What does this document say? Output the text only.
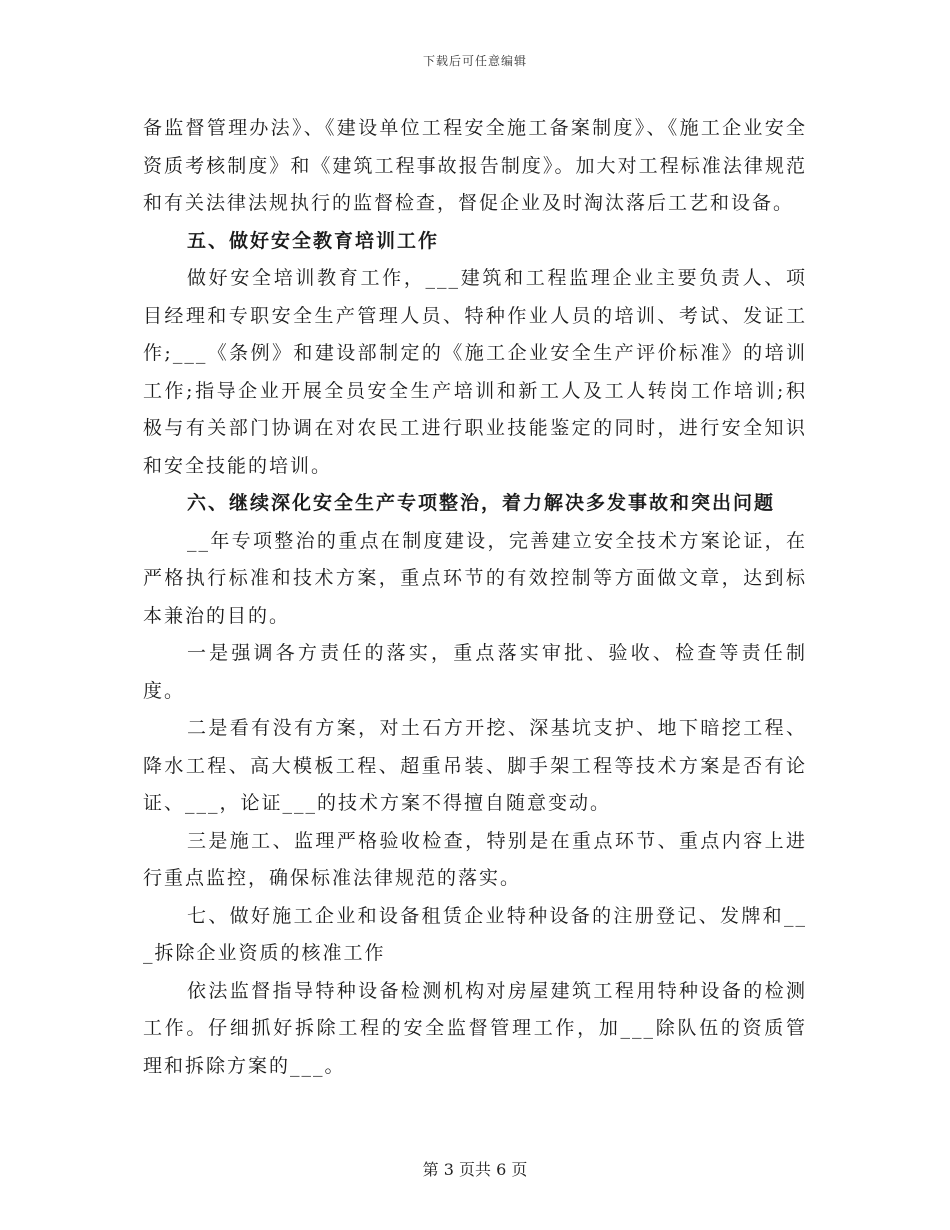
下载后可任意编辑

备监督管理办法》、《建设单位工程安全施工备案制度》、《施工企业安全资质考核制度》和《建筑工程事故报告制度》。加大对工程标准法律规范和有关法律法规执行的监督检查，督促企业及时淘汰落后工艺和设备。

五、做好安全教育培训工作

做好安全培训教育工作，___建筑和工程监理企业主要负责人、项目经理和专职安全生产管理人员、特种作业人员的培训、考试、发证工作;___《条例》和建设部制定的《施工企业安全生产评价标准》的培训工作;指导企业开展全员安全生产培训和新工人及工人转岗工作培训;积极与有关部门协调在对农民工进行职业技能鉴定的同时，进行安全知识和安全技能的培训。

六、继续深化安全生产专项整治，着力解决多发事故和突出问题

__年专项整治的重点在制度建设，完善建立安全技术方案论证，在严格执行标准和技术方案，重点环节的有效控制等方面做文章，达到标本兼治的目的。

一是强调各方责任的落实，重点落实审批、验收、检查等责任制度。

二是看有没有方案，对土石方开挖、深基坑支护、地下暗挖工程、降水工程、高大模板工程、超重吊装、脚手架工程等技术方案是否有论证、___，论证___的技术方案不得擅自随意变动。

三是施工、监理严格验收检查，特别是在重点环节、重点内容上进行重点监控，确保标准法律规范的落实。

七、做好施工企业和设备租赁企业特种设备的注册登记、发牌和___拆除企业资质的核准工作

依法监督指导特种设备检测机构对房屋建筑工程用特种设备的检测工作。仔细抓好拆除工程的安全监督管理工作，加___除队伍的资质管理和拆除方案的___。

第 3 页共 6 页
